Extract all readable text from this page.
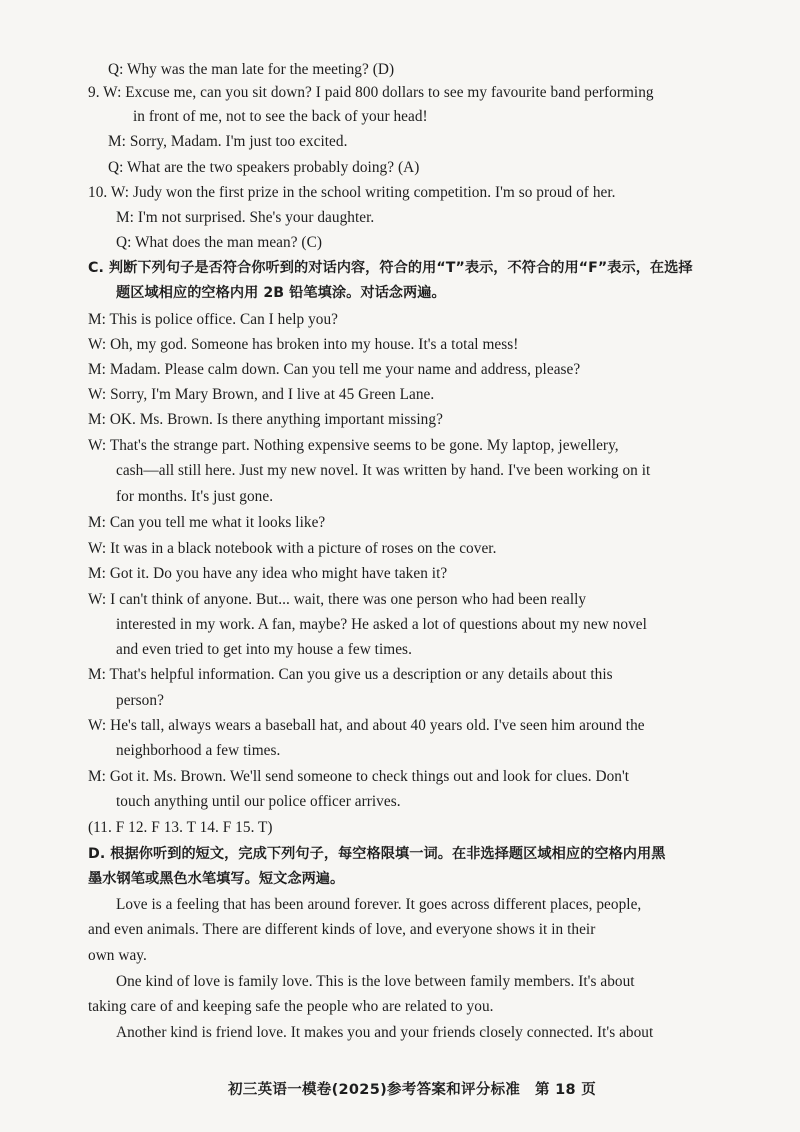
Q: Why was the man late for the meeting? (D)
9. W: Excuse me, can you sit down? I paid 800 dollars to see my favourite band performing
in front of me, not to see the back of your head!
M: Sorry, Madam. I'm just too excited.
Q: What are the two speakers probably doing? (A)
10. W: Judy won the first prize in the school writing competition. I'm so proud of her.
M: I'm not surprised. She's your daughter.
Q: What does the man mean? (C)
C. 判断下列句子是否符合你听到的对话内容，符合的用“T”表示，不符合的用“F”表示，在选择
题区域相应的空格内用 2B 铅笔填涂。对话念两遍。
M: This is police office. Can I help you?
W: Oh, my god. Someone has broken into my house. It's a total mess!
M: Madam. Please calm down. Can you tell me your name and address, please?
W: Sorry, I'm Mary Brown, and I live at 45 Green Lane.
M: OK. Ms. Brown. Is there anything important missing?
W: That's the strange part. Nothing expensive seems to be gone. My laptop, jewellery,
cash—all still here. Just my new novel. It was written by hand. I've been working on it
for months. It's just gone.
M: Can you tell me what it looks like?
W: It was in a black notebook with a picture of roses on the cover.
M: Got it. Do you have any idea who might have taken it?
W: I can't think of anyone. But... wait, there was one person who had been really
interested in my work. A fan, maybe? He asked a lot of questions about my new novel
and even tried to get into my house a few times.
M: That's helpful information. Can you give us a description or any details about this
person?
W: He's tall, always wears a baseball hat, and about 40 years old. I've seen him around the
neighborhood a few times.
M: Got it. Ms. Brown. We'll send someone to check things out and look for clues. Don't
touch anything until our police officer arrives.
(11. F 12. F 13. T 14. F 15. T)
D. 根据你听到的短文，完成下列句子，每空格限填一词。在非选择题区域相应的空格内用黑
墨水钢笔或黑色水笔填写。短文念两遍。
Love is a feeling that has been around forever. It goes across different places, people,
and even animals. There are different kinds of love, and everyone shows it in their
own way.
One kind of love is family love. This is the love between family members. It's about
taking care of and keeping safe the people who are related to you.
Another kind is friend love. It makes you and your friends closely connected. It's about
初三英语一模卷(2025)参考答案和评分标准　第 18 页
